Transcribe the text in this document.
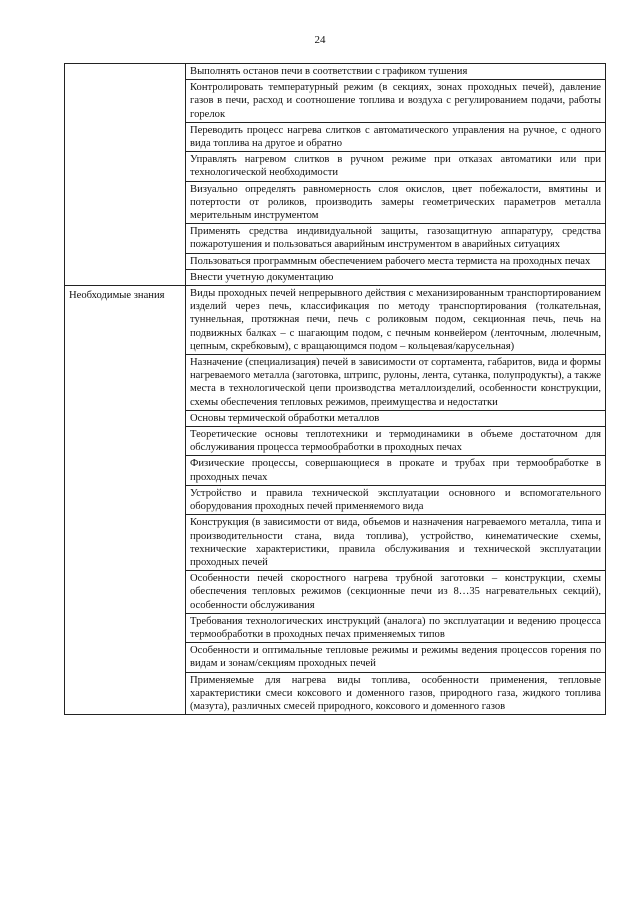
24
	Выполнять останов печи в соответствии с графиком тушения
	Контролировать температурный режим (в секциях, зонах проходных печей), давление газов в печи, расход и соотношение топлива и воздуха с регулированием подачи, работы горелок
	Переводить процесс нагрева слитков с автоматического управления на ручное, с одного вида топлива на другое и обратно
	Управлять нагревом слитков в ручном режиме при отказах автоматики или при технологической необходимости
	Визуально определять равномерность слоя окислов, цвет побежалости, вмятины и потертости от роликов, производить замеры геометрических параметров металла мерительным инструментом
	Применять средства индивидуальной защиты, газозащитную аппаратуру, средства пожаротушения и пользоваться аварийным инструментом в аварийных ситуациях
	Пользоваться программным обеспечением рабочего места термиста на проходных печах
	Внести учетную документацию
Необходимые знания	Виды проходных печей непрерывного действия с механизированным транспортированием изделий через печь, классификация по методу транспортирования (толкательная, туннельная, протяжная печи, печь с роликовым подом, секционная печь, печь на подвижных балках – с шагающим подом, с печным конвейером (ленточным, люлечным, цепным, скребковым), с вращающимся подом – кольцевая/карусельная)
	Назначение (специализация) печей в зависимости от сортамента, габаритов, вида и формы нагреваемого металла (заготовка, штрипс, рулоны, лента, сутанка, полупродукты), а также места в технологической цепи производства металлоизделий, особенности конструкции, схемы обеспечения тепловых режимов, преимущества и недостатки
	Основы термической обработки металлов
	Теоретические основы теплотехники и термодинамики в объеме достаточном для обслуживания процесса термообработки в проходных печах
	Физические процессы, совершающиеся в прокате и трубах при термообработке в проходных печах
	Устройство и правила технической эксплуатации основного и вспомогательного оборудования проходных печей применяемого вида
	Конструкция (в зависимости от вида, объемов и назначения нагреваемого металла, типа и производительности стана, вида топлива), устройство, кинематические схемы, технические характеристики, правила обслуживания и технической эксплуатации проходных печей
	Особенности печей скоростного нагрева трубной заготовки – конструкции, схемы обеспечения тепловых режимов (секционные печи из 8…35 нагревательных секций), особенности обслуживания
	Требования технологических инструкций (аналога) по эксплуатации и ведению процесса термообработки в проходных печах применяемых типов
	Особенности и оптимальные тепловые режимы и режимы ведения процессов горения по видам и зонам/секциям проходных печей
	Применяемые для нагрева виды топлива, особенности применения, тепловые характеристики смеси коксового и доменного газов, природного газа, жидкого топлива (мазута), различных смесей природного, коксового и доменного газов
